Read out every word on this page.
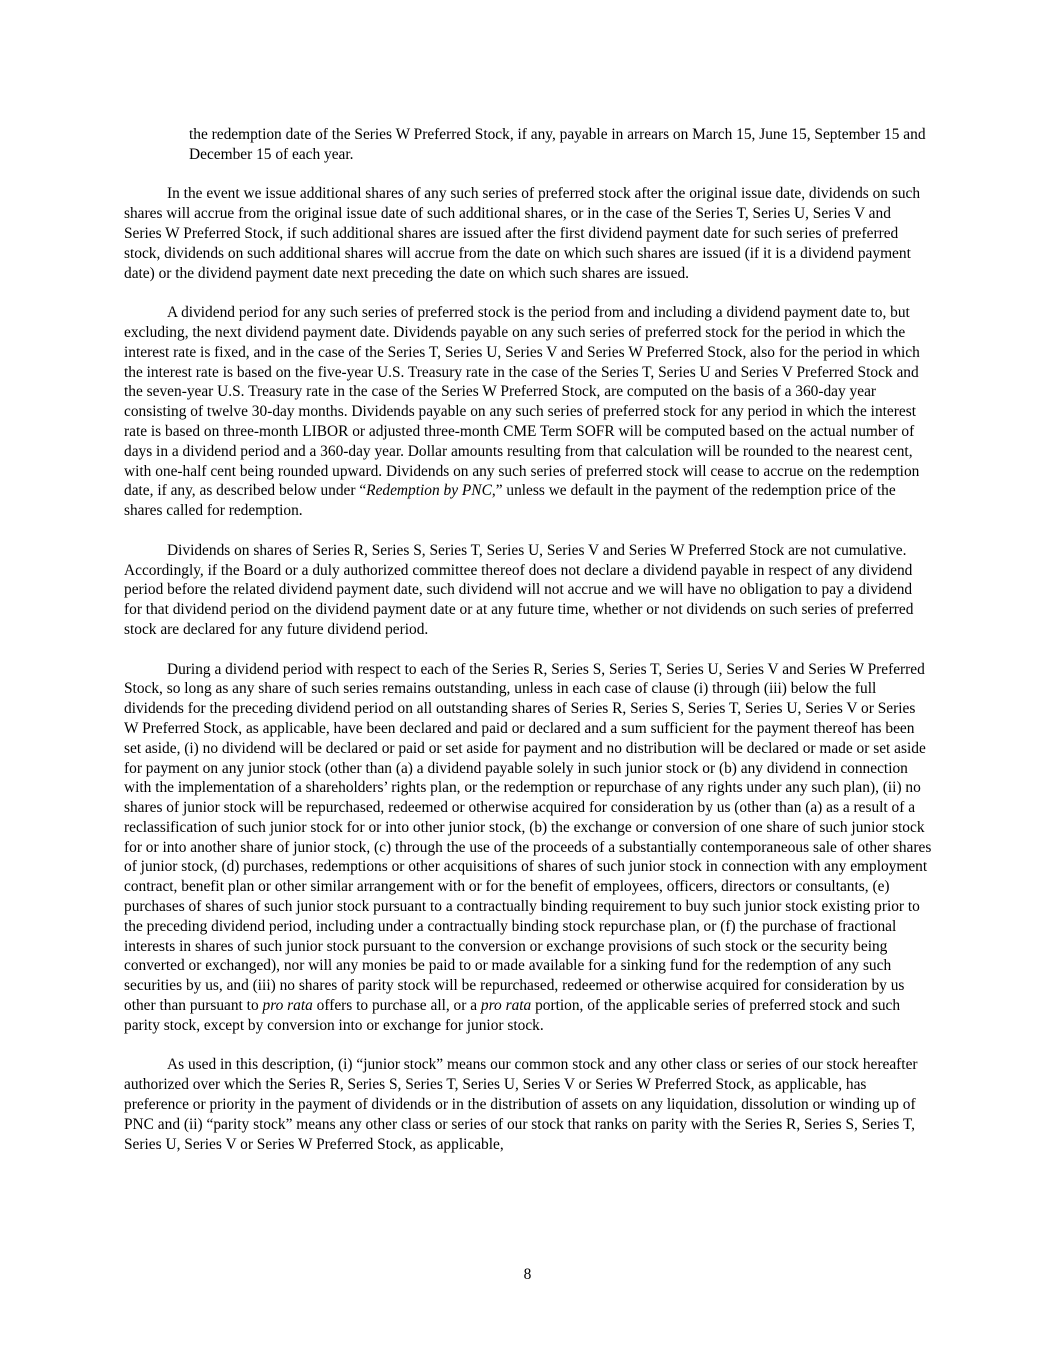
the redemption date of the Series W Preferred Stock, if any, payable in arrears on March 15, June 15, September 15 and December 15 of each year.

In the event we issue additional shares of any such series of preferred stock after the original issue date, dividends on such shares will accrue from the original issue date of such additional shares, or in the case of the Series T, Series U, Series V and Series W Preferred Stock, if such additional shares are issued after the first dividend payment date for such series of preferred stock, dividends on such additional shares will accrue from the date on which such shares are issued (if it is a dividend payment date) or the dividend payment date next preceding the date on which such shares are issued.

A dividend period for any such series of preferred stock is the period from and including a dividend payment date to, but excluding, the next dividend payment date. Dividends payable on any such series of preferred stock for the period in which the interest rate is fixed, and in the case of the Series T, Series U, Series V and Series W Preferred Stock, also for the period in which the interest rate is based on the five-year U.S. Treasury rate in the case of the Series T, Series U and Series V Preferred Stock and the seven-year U.S. Treasury rate in the case of the Series W Preferred Stock, are computed on the basis of a 360-day year consisting of twelve 30-day months. Dividends payable on any such series of preferred stock for any period in which the interest rate is based on three-month LIBOR or adjusted three-month CME Term SOFR will be computed based on the actual number of days in a dividend period and a 360-day year. Dollar amounts resulting from that calculation will be rounded to the nearest cent, with one-half cent being rounded upward. Dividends on any such series of preferred stock will cease to accrue on the redemption date, if any, as described below under “Redemption by PNC,” unless we default in the payment of the redemption price of the shares called for redemption.

Dividends on shares of Series R, Series S, Series T, Series U, Series V and Series W Preferred Stock are not cumulative. Accordingly, if the Board or a duly authorized committee thereof does not declare a dividend payable in respect of any dividend period before the related dividend payment date, such dividend will not accrue and we will have no obligation to pay a dividend for that dividend period on the dividend payment date or at any future time, whether or not dividends on such series of preferred stock are declared for any future dividend period.

During a dividend period with respect to each of the Series R, Series S, Series T, Series U, Series V and Series W Preferred Stock, so long as any share of such series remains outstanding, unless in each case of clause (i) through (iii) below the full dividends for the preceding dividend period on all outstanding shares of Series R, Series S, Series T, Series U, Series V or Series W Preferred Stock, as applicable, have been declared and paid or declared and a sum sufficient for the payment thereof has been set aside, (i) no dividend will be declared or paid or set aside for payment and no distribution will be declared or made or set aside for payment on any junior stock (other than (a) a dividend payable solely in such junior stock or (b) any dividend in connection with the implementation of a shareholders’ rights plan, or the redemption or repurchase of any rights under any such plan), (ii) no shares of junior stock will be repurchased, redeemed or otherwise acquired for consideration by us (other than (a) as a result of a reclassification of such junior stock for or into other junior stock, (b) the exchange or conversion of one share of such junior stock for or into another share of junior stock, (c) through the use of the proceeds of a substantially contemporaneous sale of other shares of junior stock, (d) purchases, redemptions or other acquisitions of shares of such junior stock in connection with any employment contract, benefit plan or other similar arrangement with or for the benefit of employees, officers, directors or consultants, (e) purchases of shares of such junior stock pursuant to a contractually binding requirement to buy such junior stock existing prior to the preceding dividend period, including under a contractually binding stock repurchase plan, or (f) the purchase of fractional interests in shares of such junior stock pursuant to the conversion or exchange provisions of such stock or the security being converted or exchanged), nor will any monies be paid to or made available for a sinking fund for the redemption of any such securities by us, and (iii) no shares of parity stock will be repurchased, redeemed or otherwise acquired for consideration by us other than pursuant to pro rata offers to purchase all, or a pro rata portion, of the applicable series of preferred stock and such parity stock, except by conversion into or exchange for junior stock.

As used in this description, (i) “junior stock” means our common stock and any other class or series of our stock hereafter authorized over which the Series R, Series S, Series T, Series U, Series V or Series W Preferred Stock, as applicable, has preference or priority in the payment of dividends or in the distribution of assets on any liquidation, dissolution or winding up of PNC and (ii) “parity stock” means any other class or series of our stock that ranks on parity with the Series R, Series S, Series T, Series U, Series V or Series W Preferred Stock, as applicable,

8
